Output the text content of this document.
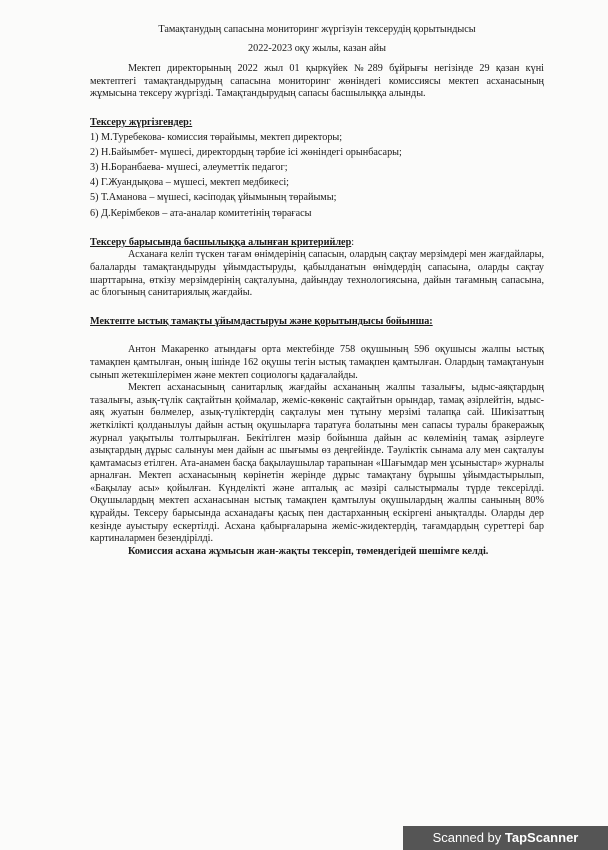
Тамақтанудың сапасына мониторинг жүргізуін тексерудің қорытындысы

2022-2023 оқу жылы, казан айы

Мектеп директорының 2022 жыл 01 қыркүйек №289 бұйрығы негізінде 29 қазан күні мектептегі тамақтандырудың сапасына мониторинг жөніндегі комиссиясы мектеп асханасының жұмысына тексеру жүргізді. Тамақтандырудың сапасы басшылыққа алынды.

Тексеру жүргізгендер:

1) М.Туребекова- комиссия төрайымы, мектеп директоры;
2) Н.Байымбет- мүшесі, директордың тәрбие ісі жөніндегі орынбасары;
3) Н.Боранбаева- мүшесі, әлеуметтік педагог;
4) Г.Жуандықова – мүшесі, мектеп медбикесі;
5) Т.Аманова – мүшесі, кәсіподақ ұйымының төрайымы;
6) Д.Керімбеков – ата-аналар комитетінің төрағасы

Тексеру барысында басшылыққа алынған критерийлер:

Асханаға келіп түскен тағам өнімдерінің сапасын, олардың сақтау мерзімдері мен жағдайлары, балаларды тамақтандыруды ұйымдастыруды, қабылданатын өнімдердің сапасына, оларды сақтау шарттарына, өткізу мерзімдерінің сақталуына, дайындау технологиясына, дайын тағамның сапасына, ас блогының санитариялық жағдайы.

Мектепте ыстық тамақты ұйымдастыруы және қорытындысы бойынша:

Антон Макаренко атындағы орта мектебінде 758 оқушының 596 оқушысы жалпы ыстық тамақпен қамтылған, оның ішінде 162 оқушы тегін ыстық тамақпен қамтылған. Олардың тамақтануын сынып жетекшілерімен және мектеп социологы қадағалайды.

Мектеп асханасының санитарлық жағдайы асхананың жалпы тазалығы, ыдыс-аяқтардың тазалығы, азық-түлік сақтайтын қоймалар, жеміс-көкөніс сақтайтын орындар, тамақ әзірлейтін, ыдыс-аяқ жуатын бөлмелер, азық-түліктердің сақталуы мен тұтыну мерзімі талапқа сай. Шикізаттың жеткілікті қолданылуы дайын астың оқушыларға таратуға болатыны мен сапасы туралы бракеражық журнал уақытылы толтырылған. Бекітілген мәзір бойынша дайын ас көлемінің тамақ әзірлеуге азықтардың дұрыс салынуы мен дайын ас шығымы өз деңгейінде. Тәуліктік сынама алу мен сақталуы қамтамасыз етілген. Ата-анамен басқа бақылаушылар тарапынан «Шағымдар мен ұсыныстар» журналы арналған. Мектеп асханасының көрінетін жерінде дұрыс тамақтану бұрышы ұйымдастырылып, «Бақылау асы» қойылған. Күнделікті және апталық ас мәзірі салыстырмалы түрде тексерілді. Оқушылардың мектеп асханасынан ыстық тамақпен қамтылуы оқушылардың жалпы санының 80% құрайды. Тексеру барысында асханадағы қасық пен дастарханның ескіргені анықталды. Оларды дер кезінде ауыстыру ескертілді. Асхана қабырғаларына жеміс-жидектердің, тағамдардың суреттері бар картиналармен безендірілді.

Комиссия асхана жұмысын жан-жақты тексеріп, төмендегідей шешімге келді.

Scanned by TapScanner
